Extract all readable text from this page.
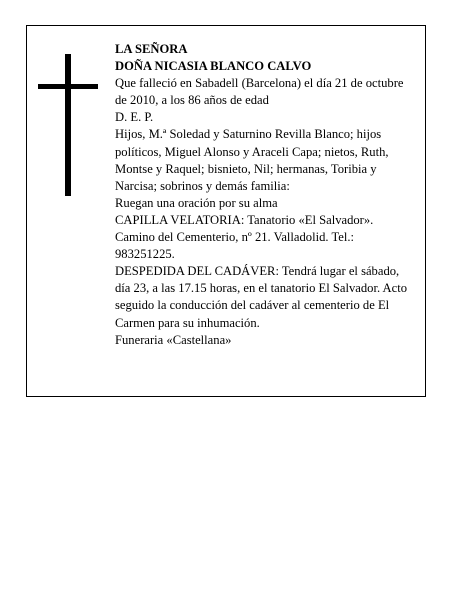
LA SEÑORA

DOÑA NICASIA BLANCO CALVO

Que falleció en Sabadell (Barcelona) el día 21 de octubre de 2010, a los 86 años de edad

D. E. P.

Hijos, M.ª Soledad y Saturnino Revilla Blanco; hijos políticos, Miguel Alonso y Araceli Capa; nietos, Ruth, Montse y Raquel; bisnieto, Nil; hermanas, Toribia y Narcisa; sobrinos y demás familia:

Ruegan una oración por su alma

CAPILLA VELATORIA: Tanatorio «El Salvador». Camino del Cementerio, nº 21. Valladolid. Tel.: 983251225.

DESPEDIDA DEL CADÁVER: Tendrá lugar el sábado, día 23, a las 17.15 horas, en el tanatorio El Salvador. Acto seguido la conducción del cadáver al cementerio de El Carmen para su inhumación.

Funeraria «Castellana»
